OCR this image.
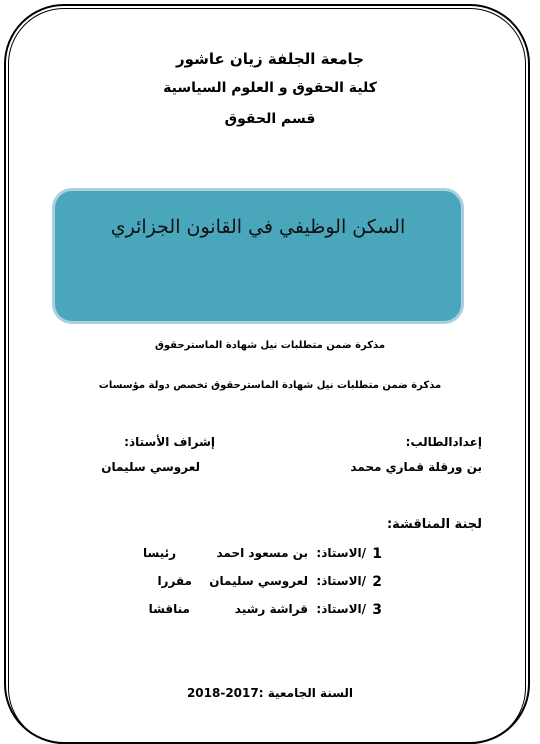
جامعة الجلفة زيان عاشور
كلية الحقوق و العلوم السياسية
قسم الحقوق
السكن الوظيفي في القانون الجزائري
مذكرة ضمن متطلبات نيل شهادة الماسترحقوق
مذكرة ضمن متطلبات نيل شهادة الماسترحقوق تخصص دولة مؤسسات
إعدادالطالب:
إشراف الأستاذ:
بن ورقلة قماري محمد
لعروسي سليمان
لجنة المناقشة:
1
/الاستاذ:
بن مسعود احمد
رئيسا
2
/الاستاذ:
لعروسي سليمان
مقررا
3
/الاستاذ:
قراشة رشيد
مناقشا
السنة الجامعية :2017-2018
